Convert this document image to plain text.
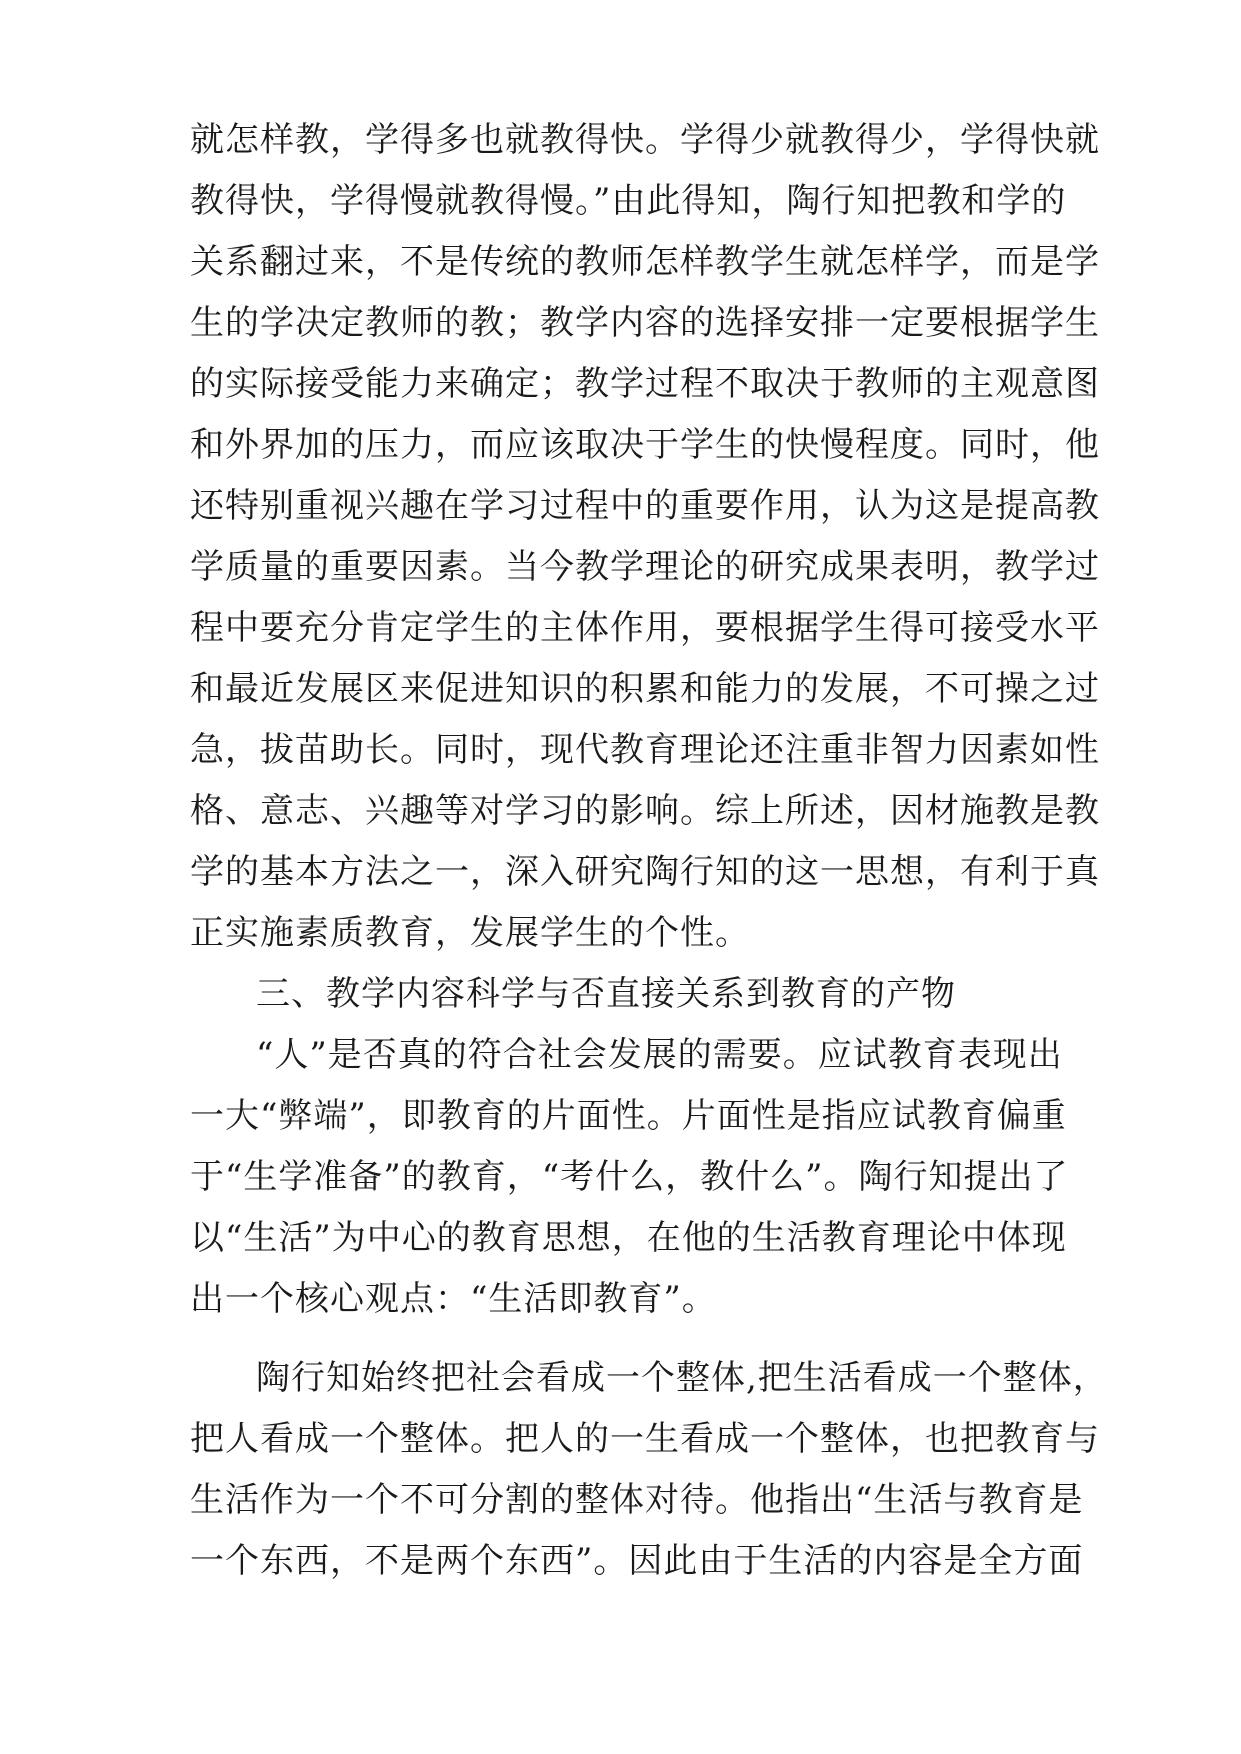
就怎样教，学得多也就教得快。学得少就教得少，学得快就
教得快，学得慢就教得慢。”由此得知，陶行知把教和学的
关系翻过来，不是传统的教师怎样教学生就怎样学，而是学
生的学决定教师的教；教学内容的选择安排一定要根据学生
的实际接受能力来确定；教学过程不取决于教师的主观意图
和外界加的压力，而应该取决于学生的快慢程度。同时，他
还特别重视兴趣在学习过程中的重要作用，认为这是提高教
学质量的重要因素。当今教学理论的研究成果表明，教学过
程中要充分肯定学生的主体作用，要根据学生得可接受水平
和最近发展区来促进知识的积累和能力的发展，不可操之过
急，拔苗助长。同时，现代教育理论还注重非智力因素如性
格、意志、兴趣等对学习的影响。综上所述，因材施教是教
学的基本方法之一，深入研究陶行知的这一思想，有利于真
正实施素质教育，发展学生的个性。
三、教学内容科学与否直接关系到教育的产物
“人”是否真的符合社会发展的需要。应试教育表现出
一大“弊端”，即教育的片面性。片面性是指应试教育偏重
于“生学准备”的教育，“考什么，教什么”。陶行知提出了
以“生活”为中心的教育思想，在他的生活教育理论中体现
出一个核心观点：“生活即教育”。
陶行知始终把社会看成一个整体,把生活看成一个整体，
把人看成一个整体。把人的一生看成一个整体，也把教育与
生活作为一个不可分割的整体对待。他指出“生活与教育是
一个东西，不是两个东西”。因此由于生活的内容是全方面
